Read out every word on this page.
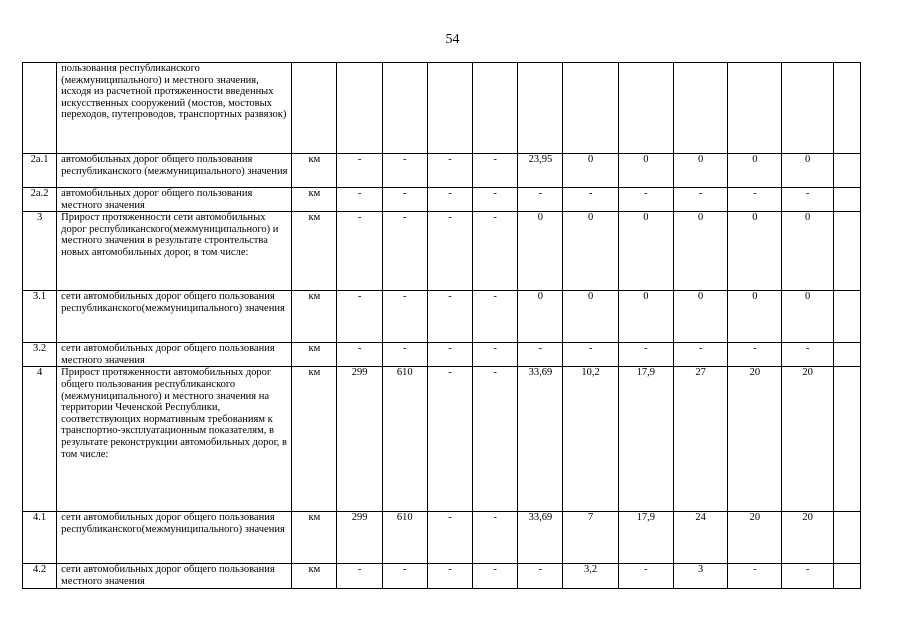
54
	пользования республиканского (межмуниципального) и местного значения, исходя из расчетной протяженности введенных искусственных сооружений (мостов, мостовых переходов, путепроводов, транспортных развязок)												
2а.1	автомобильных дорог общего пользования республиканского (межмуниципального) значения	км	-	-	-	-	23,95	0	0	0	0	0	
2а.2	автомобильных дорог общего пользования местного значения	км	-	-	-	-	-	-	-	-	-	-	
3	Прирост протяженности сети автомобильных дорог республиканского(межмуниципального) и местного значения в результате стронтельства новых автомобильных дорог, в том числе:	км	-	-	-	-	0	0	0	0	0	0	
3.1	сети автомобильных дорог общего пользования республиканского(межмуниципального) значения	км	-	-	-	-	0	0	0	0	0	0	
3.2	сети автомобильных дорог общего пользования местного значения	км	-	-	-	-	-	-	-	-	-	-	
4	Прирост протяженности автомобильных дорог общего пользования республиканского (межмуниципального) и местного значения на территории Чеченской Республики, соответствующих нормативным требованиям к транспортно-эксплуатационным показателям, в результате реконструкции автомобильных дорог, в том числе:	км	299	610	-	-	33,69	10,2	17,9	27	20	20	
4.1	сети автомобильных дорог общего пользования республиканского(межмуниципального) значения	км	299	610	-	-	33,69	7	17,9	24	20	20	
4.2	сети автомобильных дорог общего пользования местного значения	км	-	-	-	-	-	3,2	-	3	-	-	
